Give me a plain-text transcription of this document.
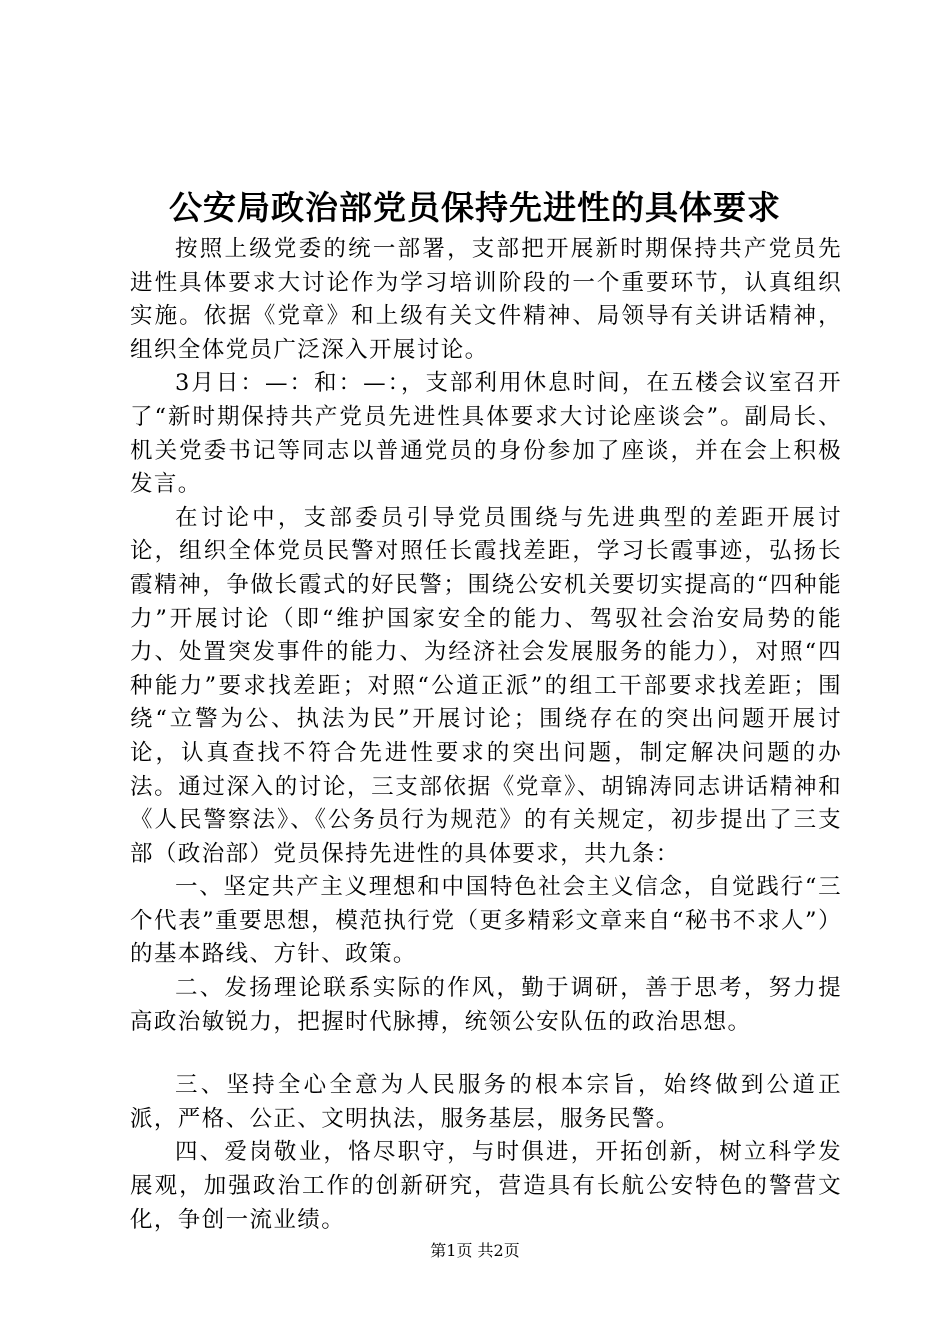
公安局政治部党员保持先进性的具体要求

按照上级党委的统一部署，支部把开展新时期保持共产党员先进性具体要求大讨论作为学习培训阶段的一个重要环节，认真组织实施。依据《党章》和上级有关文件精神、局领导有关讲话精神，组织全体党员广泛深入开展讨论。

3月日：—：和：—：，支部利用休息时间，在五楼会议室召开了“新时期保持共产党员先进性具体要求大讨论座谈会”。副局长、机关党委书记等同志以普通党员的身份参加了座谈，并在会上积极发言。

在讨论中，支部委员引导党员围绕与先进典型的差距开展讨论，组织全体党员民警对照任长霞找差距，学习长霞事迹，弘扬长霞精神，争做长霞式的好民警；围绕公安机关要切实提高的“四种能力”开展讨论（即“维护国家安全的能力、驾驭社会治安局势的能力、处置突发事件的能力、为经济社会发展服务的能力），对照“四种能力”要求找差距；对照“公道正派”的组工干部要求找差距；围绕“立警为公、执法为民”开展讨论；围绕存在的突出问题开展讨论，认真查找不符合先进性要求的突出问题，制定解决问题的办法。通过深入的讨论，三支部依据《党章》、胡锦涛同志讲话精神和《人民警察法》、《公务员行为规范》的有关规定，初步提出了三支部（政治部）党员保持先进性的具体要求，共九条：

一、坚定共产主义理想和中国特色社会主义信念，自觉践行“三个代表”重要思想，模范执行党（更多精彩文章来自“秘书不求人”）的基本路线、方针、政策。

二、发扬理论联系实际的作风，勤于调研，善于思考，努力提高政治敏锐力，把握时代脉搏，统领公安队伍的政治思想。

三、坚持全心全意为人民服务的根本宗旨，始终做到公道正派，严格、公正、文明执法，服务基层，服务民警。

四、爱岗敬业，恪尽职守，与时俱进，开拓创新，树立科学发展观，加强政治工作的创新研究，营造具有长航公安特色的警营文化，争创一流业绩。

第1页 共2页
